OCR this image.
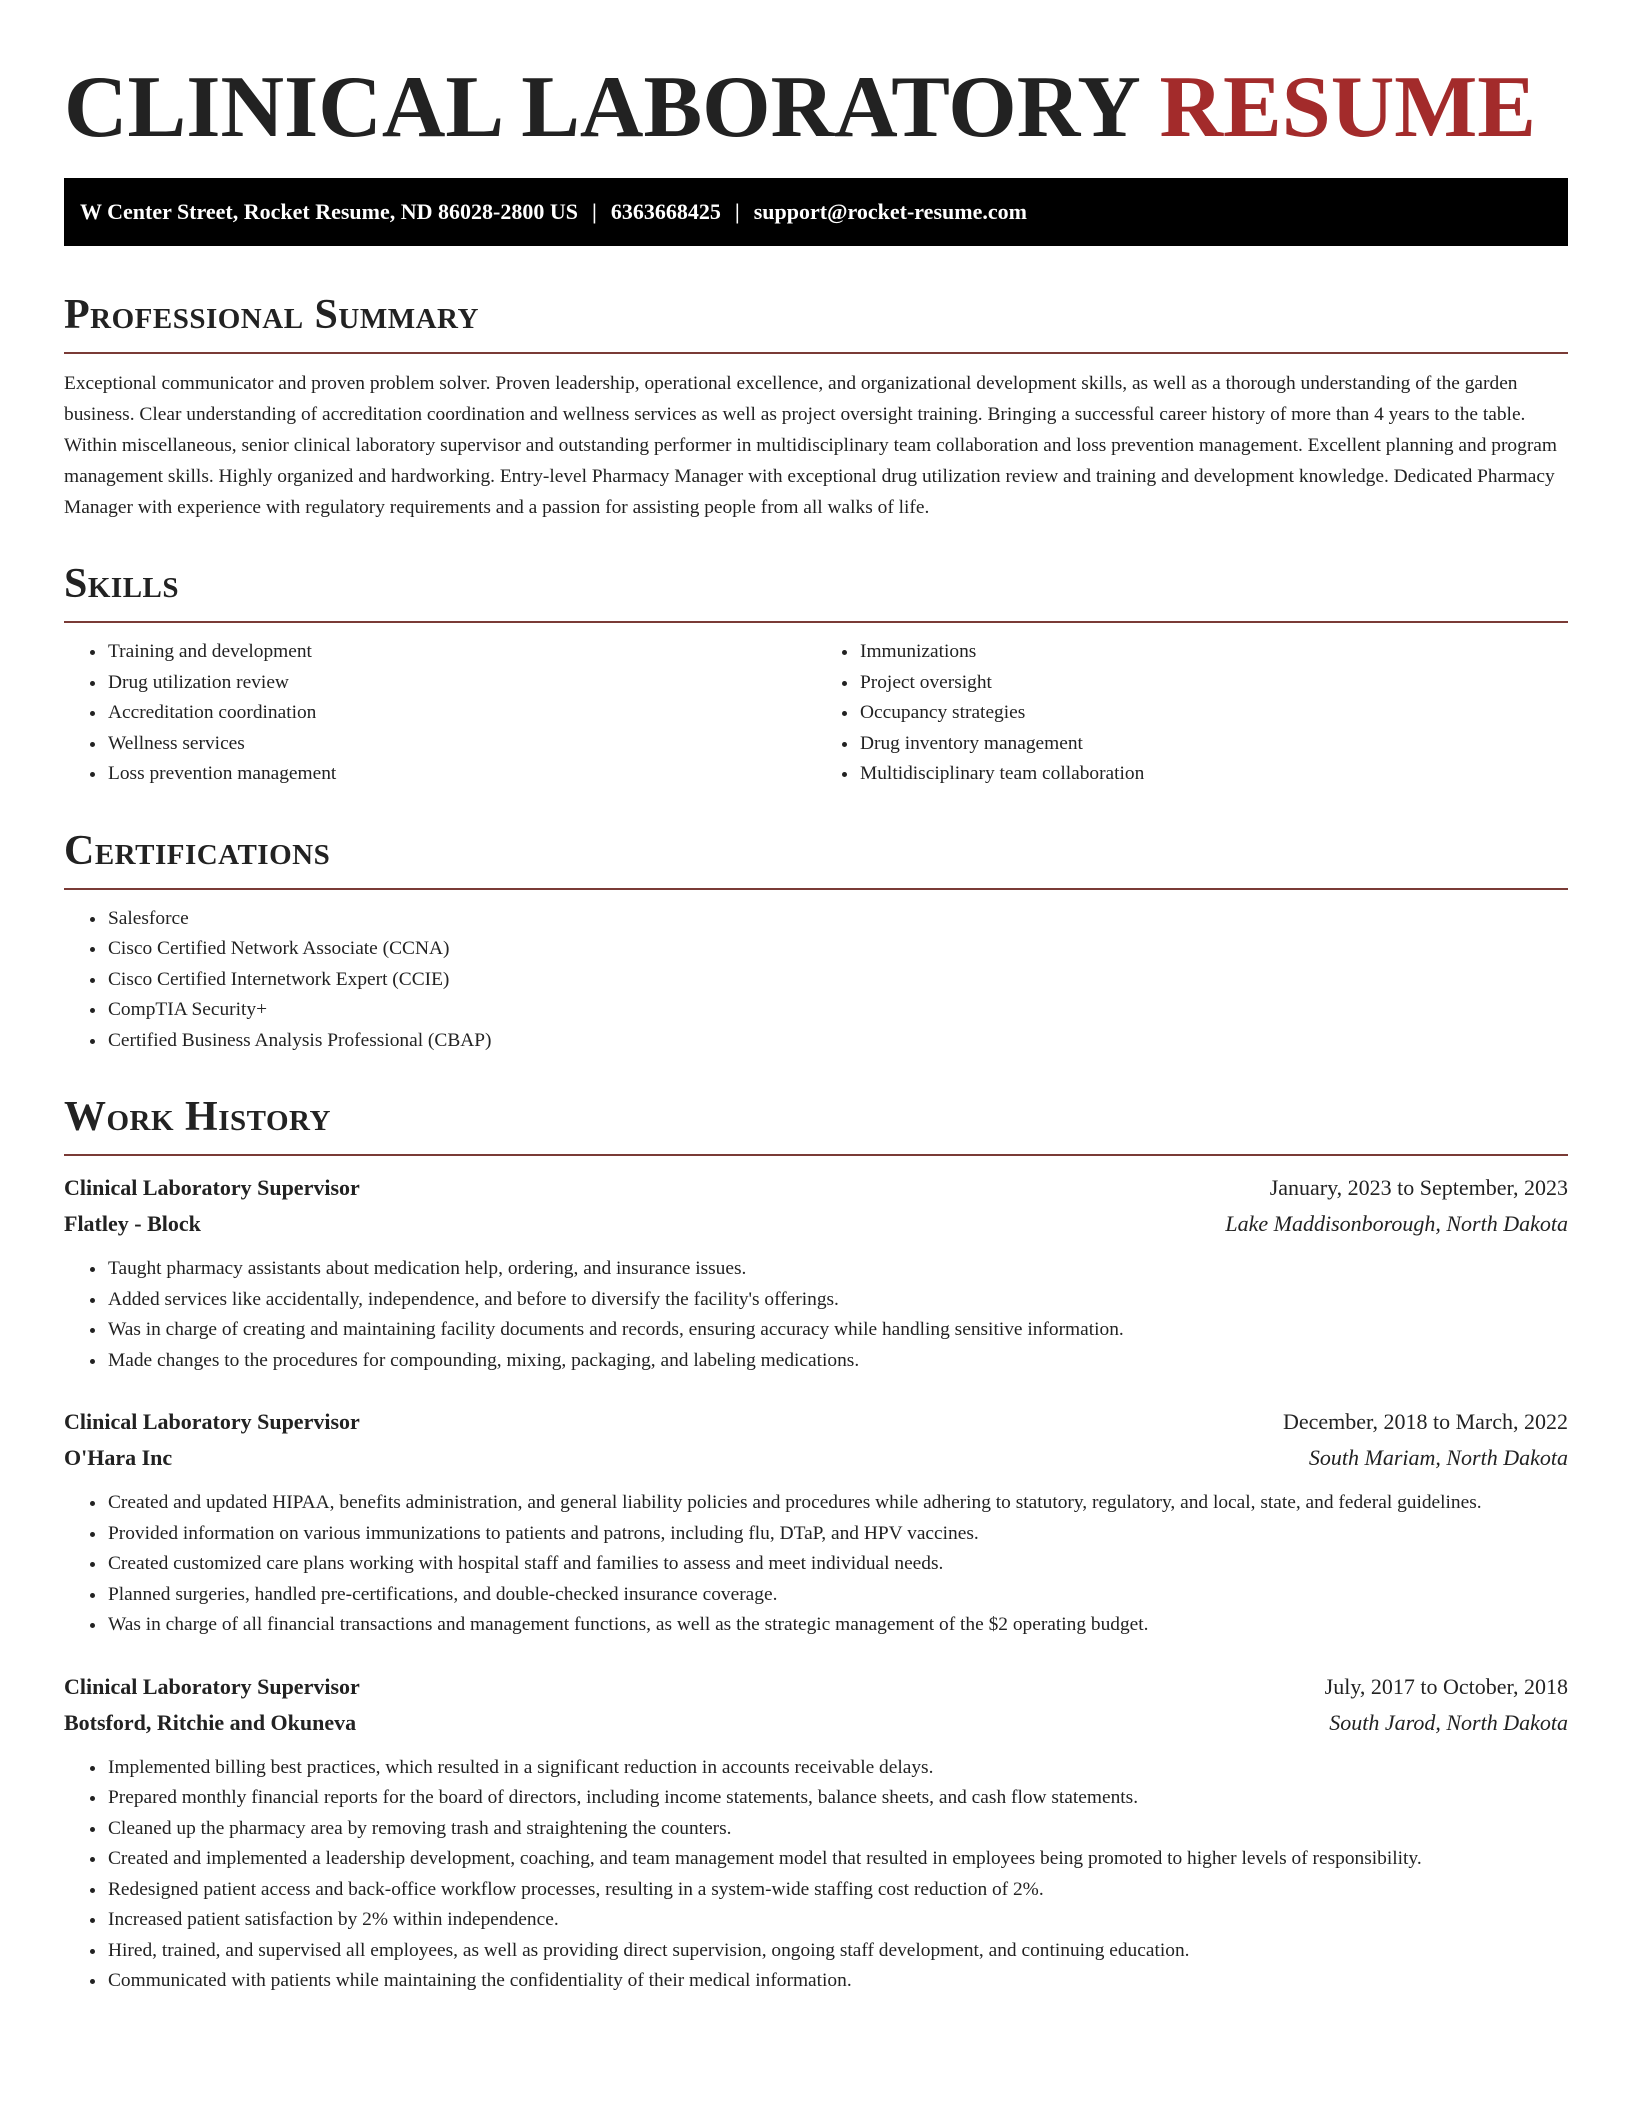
CLINICAL LABORATORY RESUME
W Center Street, Rocket Resume, ND 86028-2800 US | 6363668425 | support@rocket-resume.com
Professional Summary

Exceptional communicator and proven problem solver. Proven leadership, operational excellence, and organizational development skills, as well as a thorough understanding of the garden business. Clear understanding of accreditation coordination and wellness services as well as project oversight training. Bringing a successful career history of more than 4 years to the table. Within miscellaneous, senior clinical laboratory supervisor and outstanding performer in multidisciplinary team collaboration and loss prevention management. Excellent planning and program management skills. Highly organized and hardworking. Entry-level Pharmacy Manager with exceptional drug utilization review and training and development knowledge. Dedicated Pharmacy Manager with experience with regulatory requirements and a passion for assisting people from all walks of life.

Skills
• Training and development
• Drug utilization review
• Accreditation coordination
• Wellness services
• Loss prevention management
• Immunizations
• Project oversight
• Occupancy strategies
• Drug inventory management
• Multidisciplinary team collaboration
Certifications
• Salesforce
• Cisco Certified Network Associate (CCNA)
• Cisco Certified Internetwork Expert (CCIE)
• CompTIA Security+
• Certified Business Analysis Professional (CBAP)
Work History
Clinical Laboratory Supervisor	January, 2023 to September, 2023
Flatley - Block	Lake Maddisonborough, North Dakota
• Taught pharmacy assistants about medication help, ordering, and insurance issues.
• Added services like accidentally, independence, and before to diversify the facility's offerings.
• Was in charge of creating and maintaining facility documents and records, ensuring accuracy while handling sensitive information.
• Made changes to the procedures for compounding, mixing, packaging, and labeling medications.
Clinical Laboratory Supervisor	December, 2018 to March, 2022
O'Hara Inc	South Mariam, North Dakota
• Created and updated HIPAA, benefits administration, and general liability policies and procedures while adhering to statutory, regulatory, and local, state, and federal guidelines.
• Provided information on various immunizations to patients and patrons, including flu, DTaP, and HPV vaccines.
• Created customized care plans working with hospital staff and families to assess and meet individual needs.
• Planned surgeries, handled pre-certifications, and double-checked insurance coverage.
• Was in charge of all financial transactions and management functions, as well as the strategic management of the $2 operating budget.
Clinical Laboratory Supervisor	July, 2017 to October, 2018
Botsford, Ritchie and Okuneva	South Jarod, North Dakota
• Implemented billing best practices, which resulted in a significant reduction in accounts receivable delays.
• Prepared monthly financial reports for the board of directors, including income statements, balance sheets, and cash flow statements.
• Cleaned up the pharmacy area by removing trash and straightening the counters.
• Created and implemented a leadership development, coaching, and team management model that resulted in employees being promoted to higher levels of responsibility.
• Redesigned patient access and back-office workflow processes, resulting in a system-wide staffing cost reduction of 2%.
• Increased patient satisfaction by 2% within independence.
• Hired, trained, and supervised all employees, as well as providing direct supervision, ongoing staff development, and continuing education.
• Communicated with patients while maintaining the confidentiality of their medical information.
